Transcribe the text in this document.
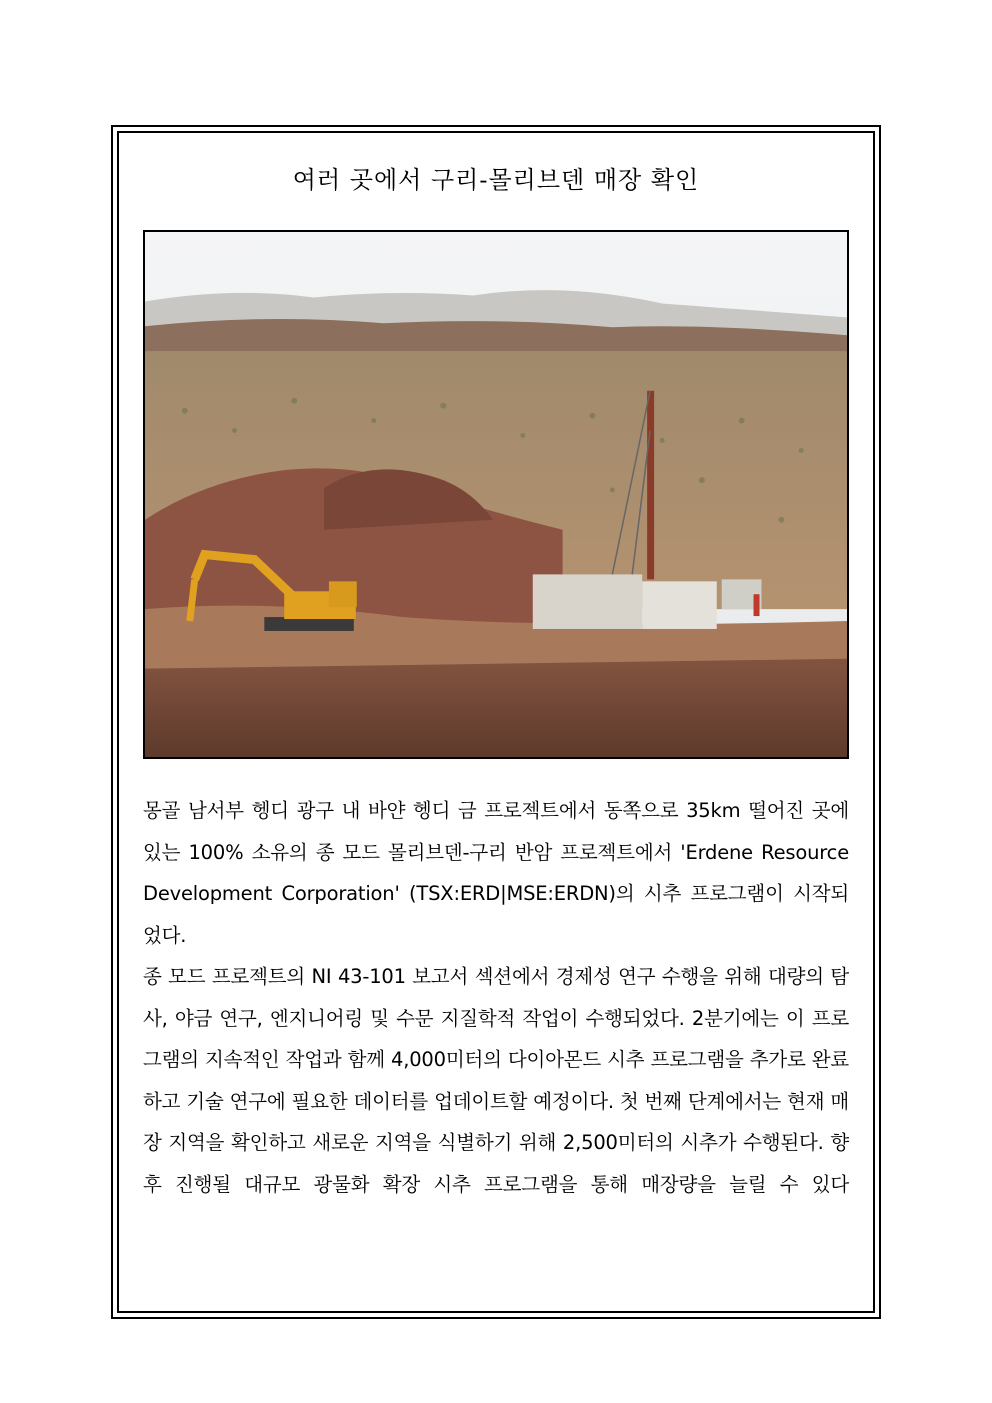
여러 곳에서 구리-몰리브덴 매장 확인

몽골 남서부 헹디 광구 내 바얀 헹디 금 프로젝트에서 동쪽으로 35km 떨어진 곳에 있는 100% 소유의 종 모드 몰리브덴-구리 반암 프로젝트에서 'Erdene Resource Development Corporation' (TSX:ERD|MSE:ERDN)의 시추 프로그램이 시작되었다.

종 모드 프로젝트의 NI 43-101 보고서 섹션에서 경제성 연구 수행을 위해 대량의 탐사, 야금 연구, 엔지니어링 및 수문 지질학적 작업이 수행되었다. 2분기에는 이 프로그램의 지속적인 작업과 함께 4,000미터의 다이아몬드 시추 프로그램을 추가로 완료하고 기술 연구에 필요한 데이터를 업데이트할 예정이다. 첫 번째 단계에서는 현재 매장 지역을 확인하고 새로운 지역을 식별하기 위해 2,500미터의 시추가 수행된다. 향후 진행될 대규모 광물화 확장 시추 프로그램을 통해 매장량을 늘릴 수 있다
